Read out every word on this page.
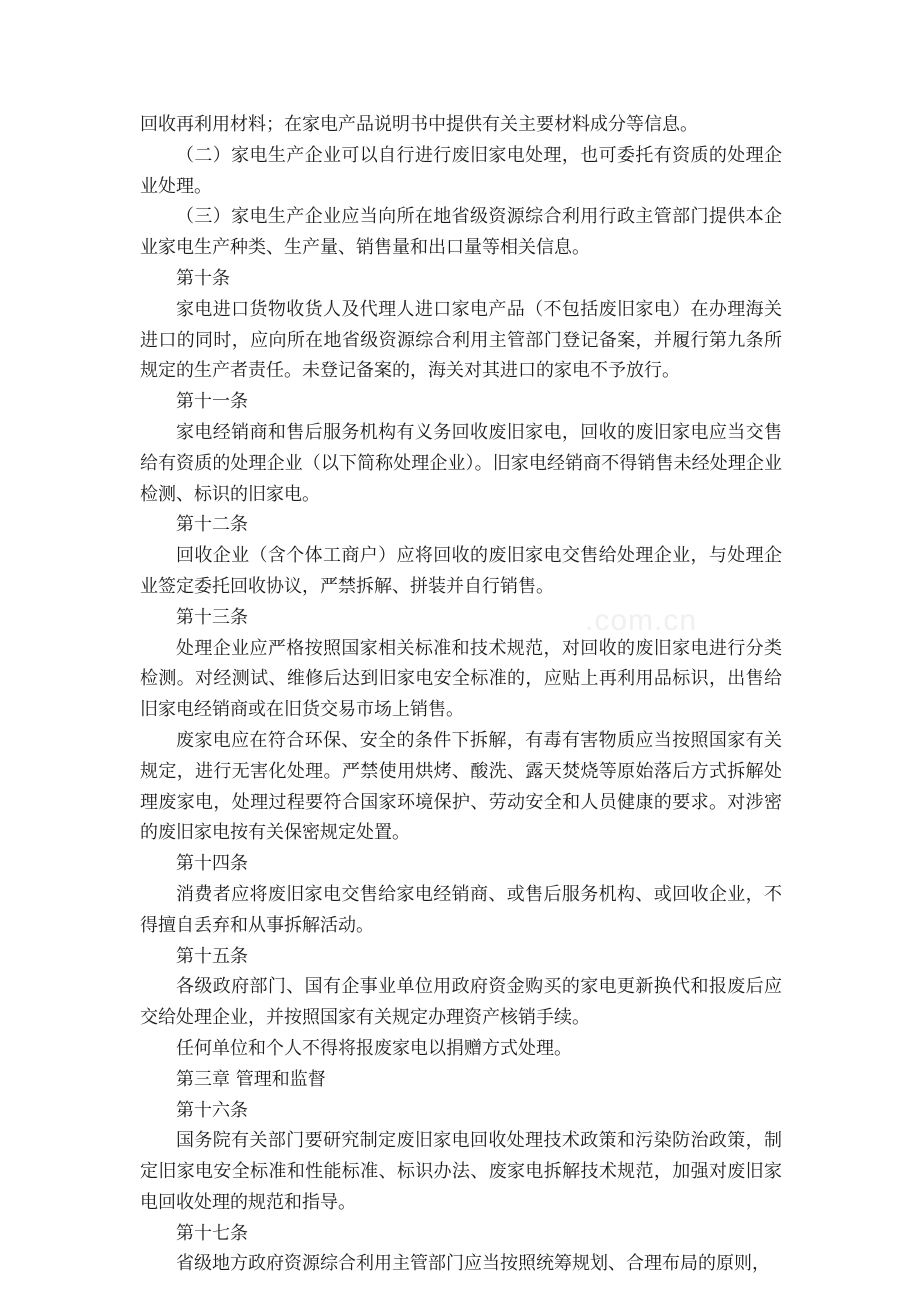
回收再利用材料；在家电产品说明书中提供有关主要材料成分等信息。

（二）家电生产企业可以自行进行废旧家电处理，也可委托有资质的处理企业处理。

（三）家电生产企业应当向所在地省级资源综合利用行政主管部门提供本企业家电生产种类、生产量、销售量和出口量等相关信息。

第十条

家电进口货物收货人及代理人进口家电产品（不包括废旧家电）在办理海关进口的同时，应向所在地省级资源综合利用主管部门登记备案，并履行第九条所规定的生产者责任。未登记备案的，海关对其进口的家电不予放行。

第十一条

家电经销商和售后服务机构有义务回收废旧家电，回收的废旧家电应当交售给有资质的处理企业（以下简称处理企业）。旧家电经销商不得销售未经处理企业检测、标识的旧家电。

第十二条

回收企业（含个体工商户）应将回收的废旧家电交售给处理企业，与处理企业签定委托回收协议，严禁拆解、拼装并自行销售。

第十三条

处理企业应严格按照国家相关标准和技术规范，对回收的废旧家电进行分类检测。对经测试、维修后达到旧家电安全标准的，应贴上再利用品标识，出售给旧家电经销商或在旧货交易市场上销售。

废家电应在符合环保、安全的条件下拆解，有毒有害物质应当按照国家有关规定，进行无害化处理。严禁使用烘烤、酸洗、露天焚烧等原始落后方式拆解处理废家电，处理过程要符合国家环境保护、劳动安全和人员健康的要求。对涉密的废旧家电按有关保密规定处置。

第十四条

消费者应将废旧家电交售给家电经销商、或售后服务机构、或回收企业，不得擅自丢弃和从事拆解活动。

第十五条

各级政府部门、国有企事业单位用政府资金购买的家电更新换代和报废后应交给处理企业，并按照国家有关规定办理资产核销手续。

任何单位和个人不得将报废家电以捐赠方式处理。

第三章 管理和监督

第十六条

国务院有关部门要研究制定废旧家电回收处理技术政策和污染防治政策，制定旧家电安全标准和性能标准、标识办法、废家电拆解技术规范，加强对废旧家电回收处理的规范和指导。

第十七条

省级地方政府资源综合利用主管部门应当按照统筹规划、合理布局的原则，

.com.cn
